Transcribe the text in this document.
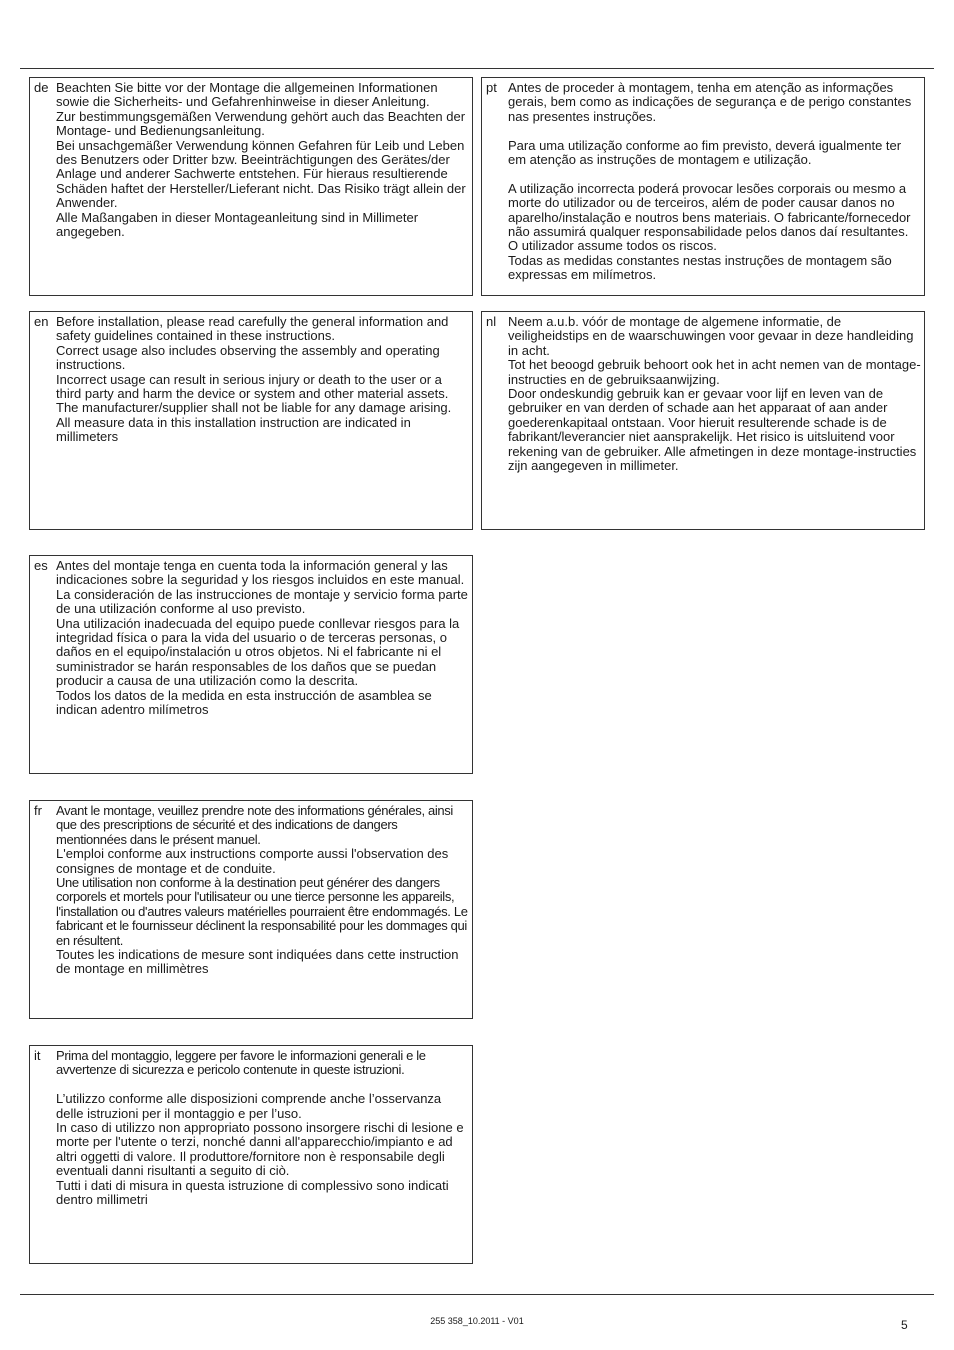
de Beachten Sie bitte vor der Montage die allgemeinen Informationen sowie die Sicherheits- und Gefahrenhinweise in dieser Anleitung.

Zur bestimmungsgemäßen Verwendung gehört auch das Beachten der Montage- und Bedienungsanleitung.

Bei unsachgemäßer Verwendung können Gefahren für Leib und Leben des Benutzers oder Dritter bzw. Beeinträchtigungen des Gerätes/der Anlage und anderer Sachwerte entstehen. Für hieraus resultierende Schäden haftet der Hersteller/Lieferant nicht. Das Risiko trägt allein der Anwender.

Alle Maßangaben in dieser Montageanleitung sind in Millimeter angegeben.

pt Antes de proceder à montagem, tenha em atenção as informações gerais, bem como as indicações de segurança e de perigo constantes nas presentes instruções.

Para uma utilização conforme ao fim previsto, deverá igualmente ter em atenção as instruções de montagem e utilização.

A utilização incorrecta poderá provocar lesões corporais ou mesmo a morte do utilizador ou de terceiros, além de poder causar danos no aparelho/instalação e noutros bens materiais. O fabricante/fornecedor não assumirá qualquer responsabilidade pelos danos daí resultantes. O utilizador assume todos os riscos.

Todas as medidas constantes nestas instruções de montagem são expressas em milímetros.

en Before installation, please read carefully the general information and safety guidelines contained in these instructions.

Correct usage also includes observing the assembly and operating instructions.

Incorrect usage can result in serious injury or death to the user or a third party and harm the device or system and other material assets. The manufacturer/supplier shall not be liable for any damage arising.

All measure data in this installation instruction are indicated in millimeters

nl Neem a.u.b. vóór de montage de algemene informatie, de veiligheidstips en de waarschuwingen voor gevaar in deze handleiding in acht.

Tot het beoogd gebruik behoort ook het in acht nemen van de montage-instructies en de gebruiksaanwijzing.

Door ondeskundig gebruik kan er gevaar voor lijf en leven van de gebruiker en van derden of schade aan het apparaat of aan ander goederenkapitaal ontstaan. Voor hieruit resulterende schade is de fabrikant/leverancier niet aansprakelijk. Het risico is uitsluitend voor rekening van de gebruiker. Alle afmetingen in deze montage-instructies zijn aangegeven in millimeter.

es Antes del montaje tenga en cuenta toda la información general y las indicaciones sobre la seguridad y los riesgos incluidos en este manual.

La consideración de las instrucciones de montaje y servicio forma parte de una utilización conforme al uso previsto.

Una utilización inadecuada del equipo puede conllevar riesgos para la integridad física o para la vida del usuario o de terceras personas, o daños en el equipo/instalación u otros objetos. Ni el fabricante ni el suministrador se harán responsables de los daños que se puedan producir a causa de una utilización como la descrita.

Todos los datos de la medida en esta instrucción de asamblea se indican adentro milímetros

fr Avant le montage, veuillez prendre note des informations générales, ainsi que des prescriptions de sécurité et des indications de dangers mentionnées dans le présent manuel.

L'emploi conforme aux instructions comporte aussi l'observation des consignes de montage et de conduite.

Une utilisation non conforme à la destination peut générer des dangers corporels et mortels pour l'utilisateur ou une tierce personne les appareils, l'installation ou d'autres valeurs matérielles pourraient être endommagés. Le fabricant et le fournisseur déclinent la responsabilité pour les dommages qui en résultent.

Toutes les indications de mesure sont indiquées dans cette instruction de montage en millimètres

it Prima del montaggio, leggere per favore le informazioni generali e le avvertenze di sicurezza e pericolo contenute in queste istruzioni.

L’utilizzo conforme alle disposizioni comprende anche l’osservanza delle istruzioni per il montaggio e per l’uso.

In caso di utilizzo non appropriato possono insorgere rischi di lesione e morte per l'utente o terzi, nonché danni all'apparecchio/impianto e ad altri oggetti di valore. Il produttore/fornitore non è responsabile degli eventuali danni risultanti a seguito di ciò.

Tutti i dati di misura in questa istruzione di complessivo sono indicati dentro millimetri

255 358_10.2011 - V01	5
